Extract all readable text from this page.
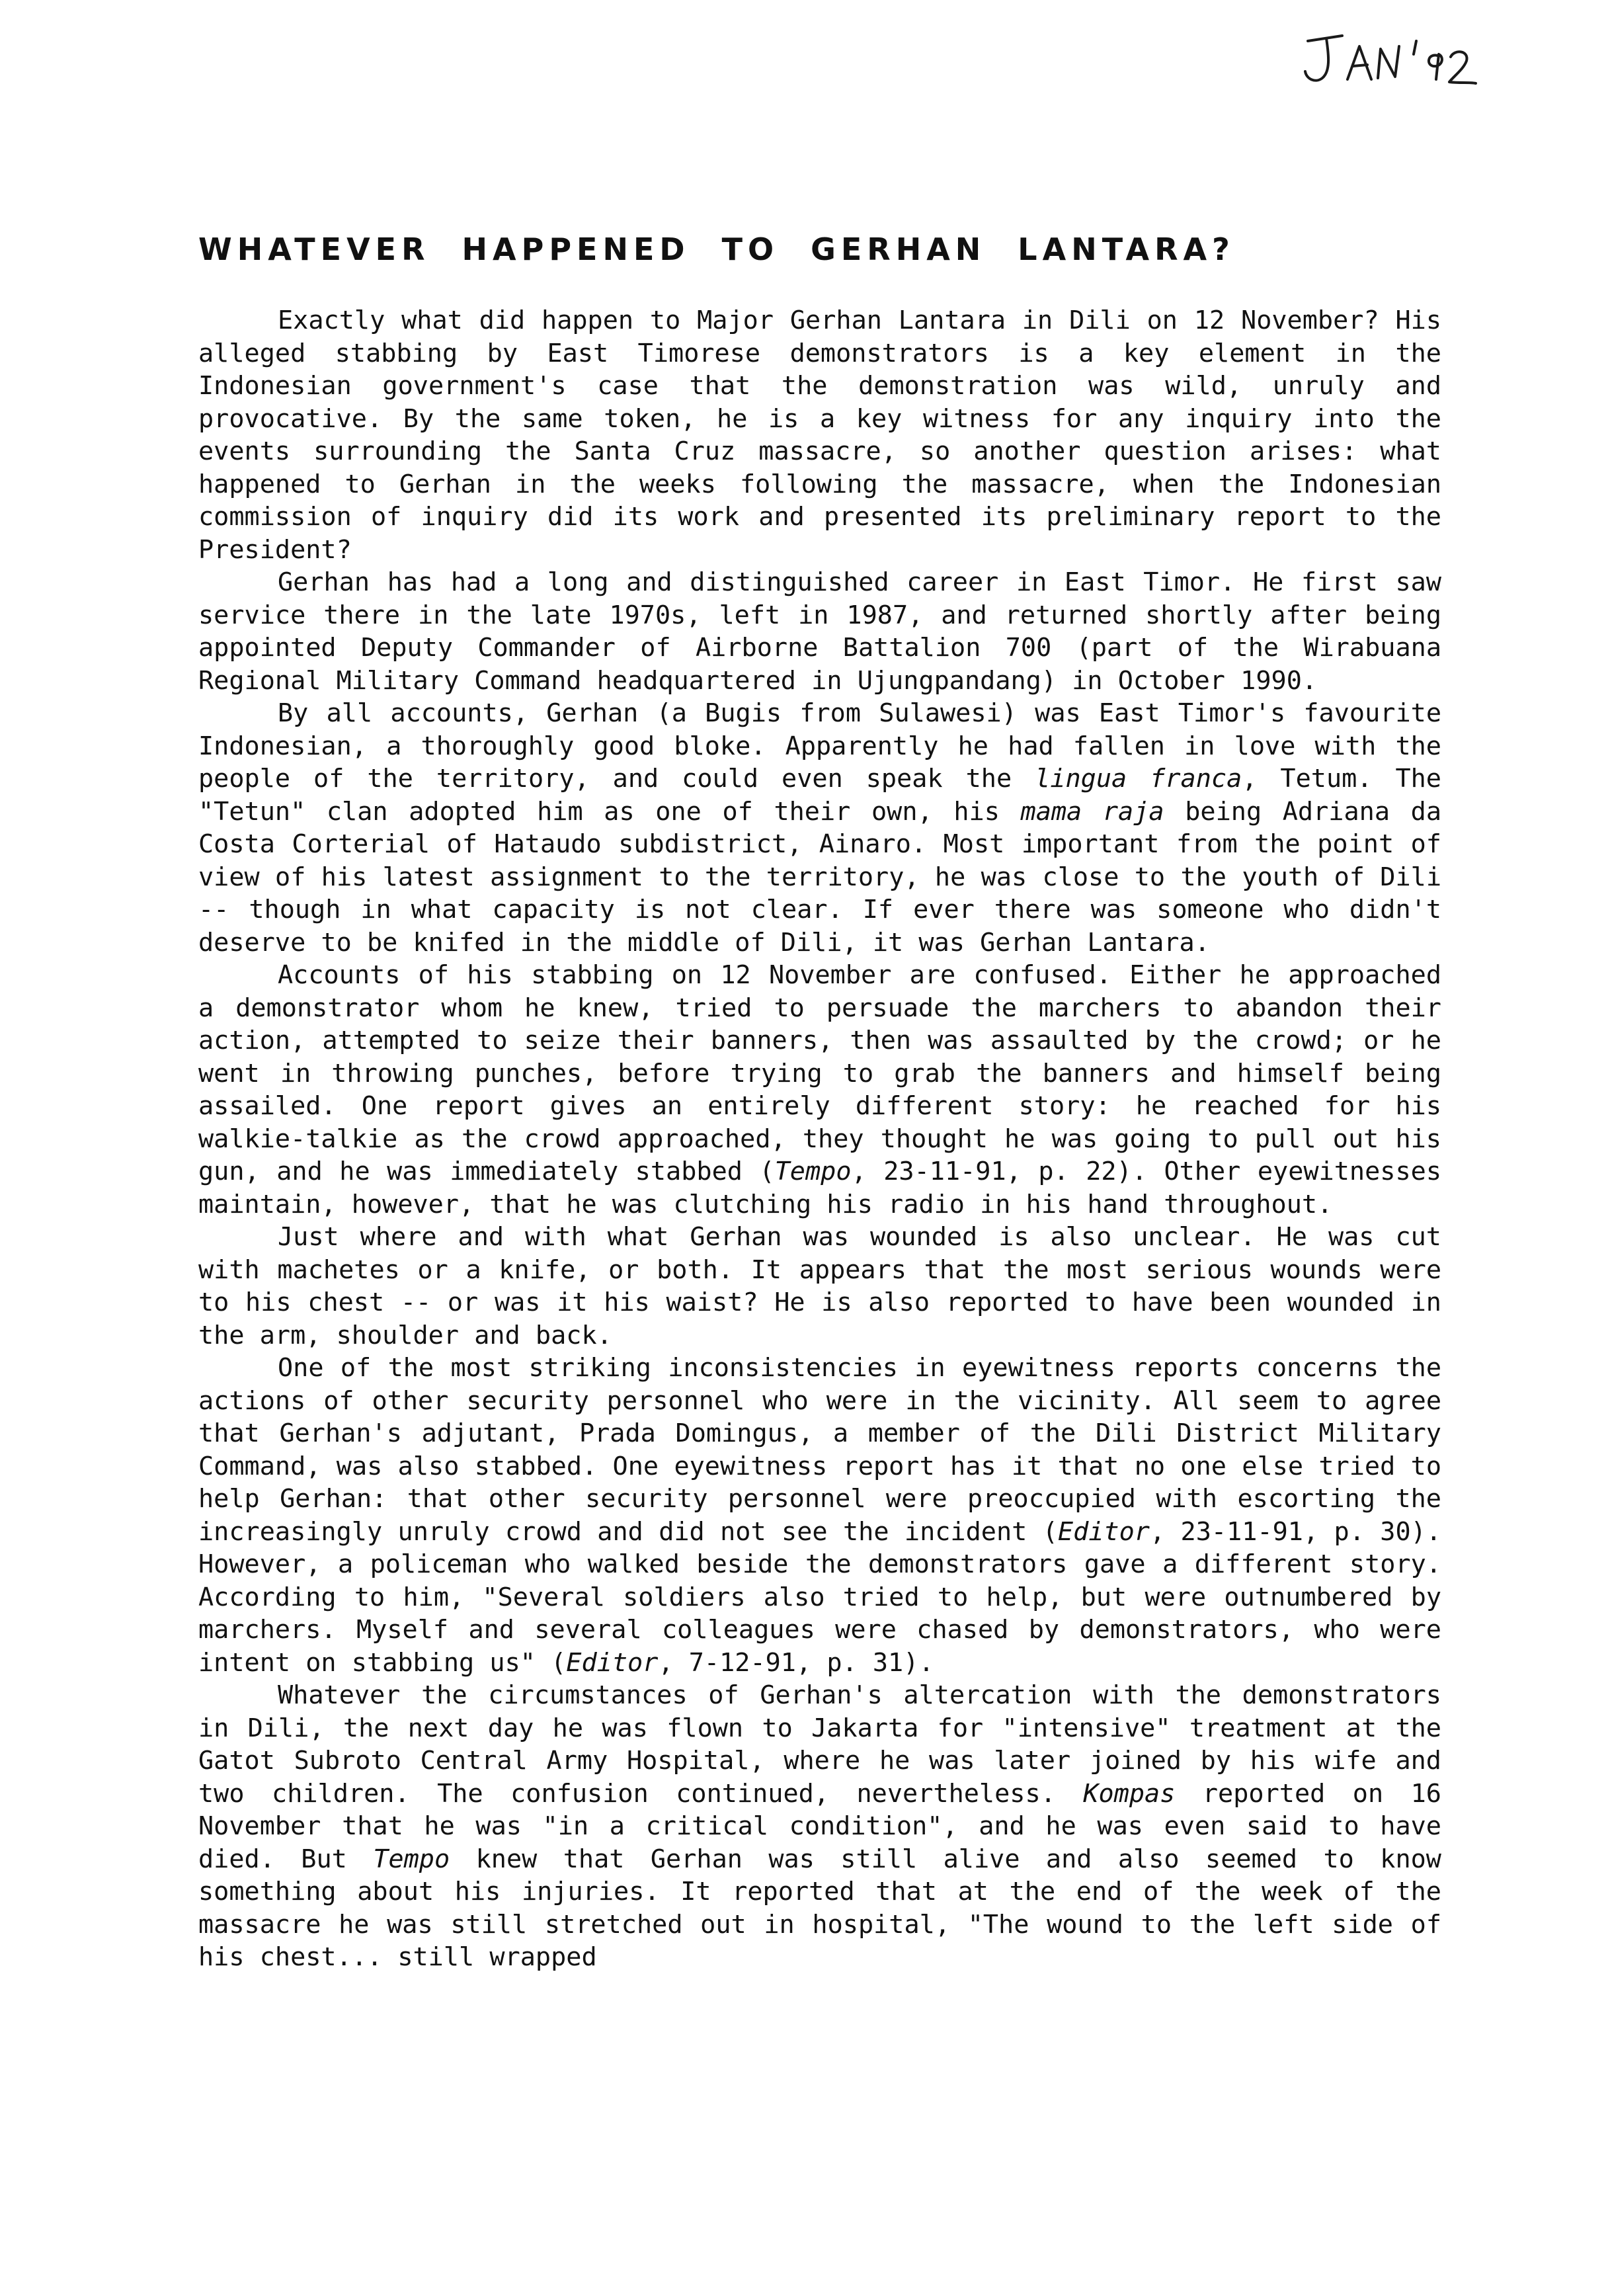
WHATEVER HAPPENED TO GERHAN LANTARA?

Exactly what did happen to Major Gerhan Lantara in Dili on 12 November? His alleged stabbing by East Timorese demonstrators is a key element in the Indonesian government's case that the demonstration was wild, unruly and provocative. By the same token, he is a key witness for any inquiry into the events surrounding the Santa Cruz massacre, so another question arises: what happened to Gerhan in the weeks following the massacre, when the Indonesian commission of inquiry did its work and presented its preliminary report to the President?

Gerhan has had a long and distinguished career in East Timor. He first saw service there in the late 1970s, left in 1987, and returned shortly after being appointed Deputy Commander of Airborne Battalion 700 (part of the Wirabuana Regional Military Command headquartered in Ujungpandang) in October 1990.

By all accounts, Gerhan (a Bugis from Sulawesi) was East Timor's favourite Indonesian, a thoroughly good bloke. Apparently he had fallen in love with the people of the territory, and could even speak the lingua franca, Tetum. The "Tetun" clan adopted him as one of their own, his mama raja being Adriana da Costa Corterial of Hataudo subdistrict, Ainaro. Most important from the point of view of his latest assignment to the territory, he was close to the youth of Dili -- though in what capacity is not clear. If ever there was someone who didn't deserve to be knifed in the middle of Dili, it was Gerhan Lantara.

Accounts of his stabbing on 12 November are confused. Either he approached a demonstrator whom he knew, tried to persuade the marchers to abandon their action, attempted to seize their banners, then was assaulted by the crowd; or he went in throwing punches, before trying to grab the banners and himself being assailed. One report gives an entirely different story: he reached for his walkie-talkie as the crowd approached, they thought he was going to pull out his gun, and he was immediately stabbed (Tempo, 23-11-91, p. 22). Other eyewitnesses maintain, however, that he was clutching his radio in his hand throughout.

Just where and with what Gerhan was wounded is also unclear. He was cut with machetes or a knife, or both. It appears that the most serious wounds were to his chest -- or was it his waist? He is also reported to have been wounded in the arm, shoulder and back.

One of the most striking inconsistencies in eyewitness reports concerns the actions of other security personnel who were in the vicinity. All seem to agree that Gerhan's adjutant, Prada Domingus, a member of the Dili District Military Command, was also stabbed. One eyewitness report has it that no one else tried to help Gerhan: that other security personnel were preoccupied with escorting the increasingly unruly crowd and did not see the incident (Editor, 23-11-91, p. 30). However, a policeman who walked beside the demonstrators gave a different story. According to him, "Several soldiers also tried to help, but were outnumbered by marchers. Myself and several colleagues were chased by demonstrators, who were intent on stabbing us" (Editor, 7-12-91, p. 31).

Whatever the circumstances of Gerhan's altercation with the demonstrators in Dili, the next day he was flown to Jakarta for "intensive" treatment at the Gatot Subroto Central Army Hospital, where he was later joined by his wife and two children. The confusion continued, nevertheless. Kompas reported on 16 November that he was "in a critical condition", and he was even said to have died. But Tempo knew that Gerhan was still alive and also seemed to know something about his injuries. It reported that at the end of the week of the massacre he was still stretched out in hospital, "The wound to the left side of his chest... still wrapped
